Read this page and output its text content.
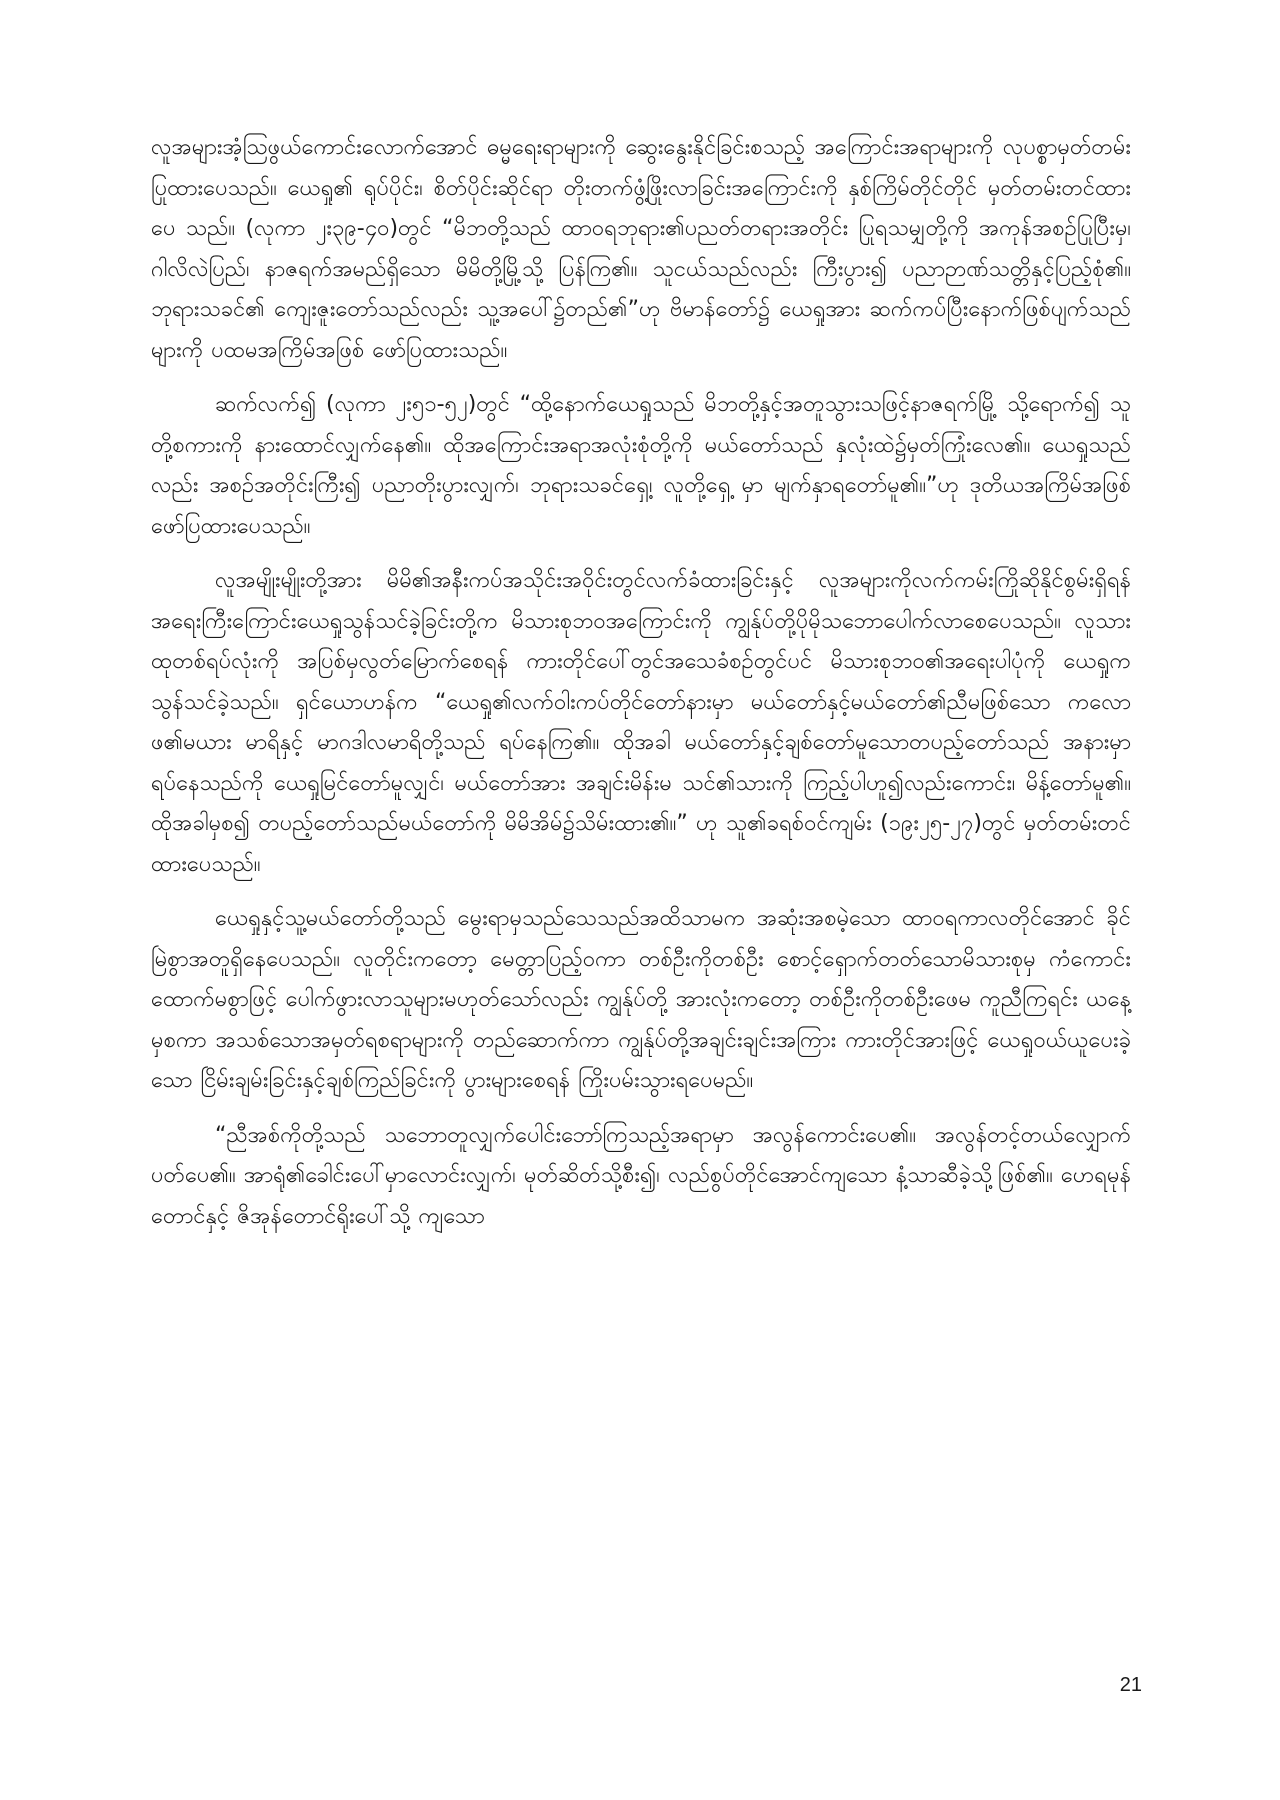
လူအများအံ့သြဖွယ်ကောင်းလောက်အောင် ဓမ္မရေးရာများကို ဆွေးနွေးနိုင်ခြင်းစသည့် အကြောင်းအရာများကို လုပစ္စာမှတ်တမ်းပြုထားပေသည်။ ယေရှု၏ ရုပ်ပိုင်း၊ စိတ်ပိုင်းဆိုင်ရာ တိုးတက်ဖွံ့ဖြိုးလာခြင်းအကြောင်းကို နှစ်ကြိမ်တိုင်တိုင် မှတ်တမ်းတင်ထားပေ သည်။ (လုကာ ၂း၃၉-၄၀)တွင် “မိဘတို့သည် ထာဝရဘုရား၏ပညတ်တရားအတိုင်း ပြုရသမျှတို့ကို အကုန်အစဉ်ပြုပြီးမှ၊ ဂါလိလဲပြည်၊ နာဇရက်အမည်ရှိသော မိမိတို့မြို့သို့ ပြန်ကြ၏။ သူငယ်သည်လည်း ကြီးပွား၍ ပညာဉာဏ်သတ္တိနှင့်ပြည့်စုံ၏။ ဘုရားသခင်၏ ကျေးဇူးတော်သည်လည်း သူ့အပေါ်၌တည်၏”ဟု ဗိမာန်တော်၌ ယေရှုအား ဆက်ကပ်ပြီးနောက်ဖြစ်ပျက်သည်များကို ပထမအကြိမ်အဖြစ် ဖော်ပြထားသည်။

ဆက်လက်၍ (လုကာ ၂း၅၁-၅၂)တွင် “ထို့နောက်ယေရှုသည် မိဘတို့နှင့်အတူသွားသဖြင့်နာဇရက်မြို့ သို့ရောက်၍ သူတို့စကားကို နားထောင်လျှက်နေ၏။ ထိုအကြောင်းအရာအလုံးစုံတို့ကို မယ်တော်သည် နှလုံးထဲ၌မှတ်ကြုံးလေ၏။ ယေရှုသည်လည်း အစဉ်အတိုင်းကြီး၍ ပညာတိုးပွားလျှက်၊ ဘုရားသခင်ရှေ့၊ လူတို့ရှေ့ မှာ မျက်နှာရတော်မူ၏။”ဟု ဒုတိယအကြိမ်အဖြစ် ဖော်ပြထားပေသည်။

လူအမျိုးမျိုးတို့အား မိမိ၏အနီးကပ်အသိုင်းအဝိုင်းတွင်လက်ခံထားခြင်းနှင့် လူအများကိုလက်ကမ်းကြိုဆိုနိုင်စွမ်းရှိရန် အရေးကြီးကြောင်းယေရှုသွန်သင်ခဲ့ခြင်းတို့က မိသားစုဘဝအကြောင်းကို ကျွန်ုပ်တို့ပိုမိုသဘောပေါက်လာစေပေသည်။ လူသားထုတစ်ရပ်လုံးကို အပြစ်မှလွတ်မြောက်စေရန် ကားတိုင်ပေါ်တွင်အသေခံစဉ်တွင်ပင် မိသားစုဘဝ၏အရေးပါပုံကို ယေရှုက သွန်သင်ခဲ့သည်။ ရှင်ယောဟန်က “ယေရှု၏လက်ဝါးကပ်တိုင်တော်နားမှာ မယ်တော်နှင့်မယ်တော်၏ညီမဖြစ်သော ကလောဖ၏မယား မာရိနှင့် မာဂဒါလမာရိတို့သည် ရပ်နေကြ၏။ ထိုအခါ မယ်တော်နှင့်ချစ်တော်မူသောတပည့်တော်သည် အနားမှာရပ်နေသည်ကို ယေရှုမြင်တော်မူလျှင်၊ မယ်တော်အား အချင်းမိန်းမ သင်၏သားကို ကြည့်ပါဟူ၍လည်းကောင်း၊ မိန့်တော်မူ၏။ ထိုအခါမှစ၍ တပည့်တော်သည်မယ်တော်ကို မိမိအိမ်၌သိမ်းထား၏။” ဟု သူ၏ခရစ်ဝင်ကျမ်း (၁၉း၂၅-၂၇)တွင် မှတ်တမ်းတင်ထားပေသည်။

ယေရှုနှင့်သူ့မယ်တော်တို့သည် မွေးရာမှသည်သေသည်အထိသာမက အဆုံးအစမဲ့သော ထာဝရကာလတိုင်အောင် ခိုင်မြဲစွာအတူရှိနေပေသည်။ လူတိုင်းကတော့ မေတ္တာပြည့်ဝကာ တစ်ဦးကိုတစ်ဦး စောင့်ရှောက်တတ်သောမိသားစုမှ ကံကောင်းထောက်မစွာဖြင့် ပေါက်ဖွားလာသူများမဟုတ်သော်လည်း ကျွန်ုပ်တို့ အားလုံးကတော့ တစ်ဦးကိုတစ်ဦးဖေမ ကူညီကြရင်း ယနေ့မှစကာ အသစ်သောအမှတ်ရစရာများကို တည်ဆောက်ကာ ကျွန်ုပ်တို့အချင်းချင်းအကြား ကားတိုင်အားဖြင့် ယေရှုဝယ်ယူပေးခဲ့သော ငြိမ်းချမ်းခြင်းနှင့်ချစ်ကြည်ခြင်းကို ပွားများစေရန် ကြိုးပမ်းသွားရပေမည်။

“ညီအစ်ကိုတို့သည် သဘောတူလျှက်ပေါင်းဘော်ကြသည့်အရာမှာ အလွန်ကောင်းပေ၏။ အလွန်တင့်တယ်လျှောက်ပတ်ပေ၏။ အာရုံ၏ခေါင်းပေါ်မှာလောင်းလျှက်၊ မုတ်ဆိတ်သို့စီး၍၊ လည်စွပ်တိုင်အောင်ကျသော နံ့သာဆီခဲ့သို့ဖြစ်၏။ ဟေရမုန်တောင်နှင့် ဇိအုန်တောင်ရိုးပေါ်သို့ ကျသော

21
